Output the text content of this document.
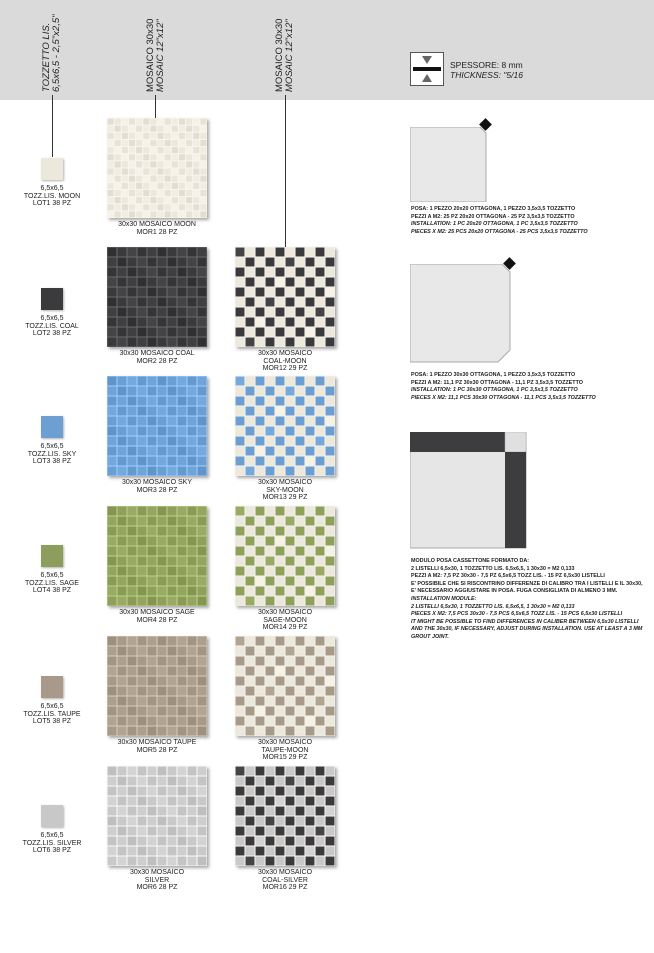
TOZZETTO LIS. 6,5x6,5 - 2,5"x2,5"	MOSAICO 30x30 MOSAIC 12"x12"	MOSAICO 30x30 MOSAIC 12"x12"	SPESSORE: 8 mm
THICKNESS: "5/16
6,5x6,5
TOZZ.LIS. MOON
LOT1 38 PZ
6,5x6,5
TOZZ.LIS. COAL
LOT2 38 PZ
6,5x6,5
TOZZ.LIS. SKY
LOT3 38 PZ
6,5x6,5
TOZZ.LIS. SAGE
LOT4 38 PZ
6,5x6,5
TOZZ.LIS. TAUPE
LOT5 38 PZ
6,5x6,5
TOZZ.LIS. SILVER
LOT6 38 PZ
30x30 MOSAICO MOON
MOR1 28 PZ
30x30 MOSAICO COAL
MOR2 28 PZ
30x30 MOSAICO SKY
MOR3 28 PZ
30x30 MOSAICO SAGE
MOR4 28 PZ
30x30 MOSAICO TAUPE
MOR5 28 PZ
30x30 MOSAICO
SILVER
MOR6 28 PZ
30x30 MOSAICO
COAL-MOON
MOR12 29 PZ
30x30 MOSAICO
SKY-MOON
MOR13 29 PZ
30x30 MOSAICO
SAGE-MOON
MOR14 29 PZ
30x30 MOSAICO
TAUPE-MOON
MOR15 29 PZ
30x30 MOSAICO
COAL-SILVER
MOR16 29 PZ
POSA: 1 PEZZO 20x20 OTTAGONA, 1 PEZZO 3,5x3,5 TOZZETTO
PEZZI A M2: 25 PZ 20x20 OTTAGONA - 25 PZ 3,5x3,5 TOZZETTO
INSTALLATION: 1 PC 20x20 OTTAGONA, 1 PC 3,5x3,5 TOZZETTO
PIECES X M2: 25 PCS 20x20 OTTAGONA - 25 PCS 3,5x3,5 TOZZETTO
POSA: 1 PEZZO 30x30 OTTAGONA, 1 PEZZO 3,5x3,5 TOZZETTO
PEZZI A M2: 11,1 PZ 30x30 OTTAGONA - 11,1 PZ 3,5x3,5 TOZZETTO
INSTALLATION: 1 PC 30x30 OTTAGONA, 1 PC 3,5x3,5 TOZZETTO
PIECES X M2: 11,1 PCS 30x30 OTTAGONA - 11,1 PCS 3,5x3,5 TOZZETTO
MODULO POSA CASSETTONE FORMATO DA:
2 LISTELLI 6,5x30, 1 TOZZETTO LIS. 6,5x6,5, 1 30x30 = M2 0,133
PEZZI A M2: 7,5 PZ 30x30 - 7,5 PZ 6,5x6,5 TOZZ LIS. - 15 PZ 6,5x30 LISTELLI
E' POSSIBILE CHE SI RISCONTRINO DIFFERENZE DI CALIBRO TRA I LISTELLI E IL 30x30,
E' NECESSARIO AGGIUSTARE IN POSA. FUGA CONSIGLIATA DI ALMENO 3 MM.
INSTALLATION MODULE:
2 LISTELLI 6,5x30, 1 TOZZETTO LIS. 6,5x6,5, 1 30x30 = M2 0,133
PIECES X M2: 7,5 PCS 30x30 - 7,5 PCS 6,5x6,5 TOZZ LIS. - 15 PCS 6,5x30 LISTELLI
IT MIGHT BE POSSIBLE TO FIND DIFFERENCES IN CALIBER BETWEEN 6,5x30 LISTELLI
AND THE 30x30, IF NECESSARY, ADJUST DURING INSTALLATION. USE AT LEAST A 3 MM
GROUT JOINT.
